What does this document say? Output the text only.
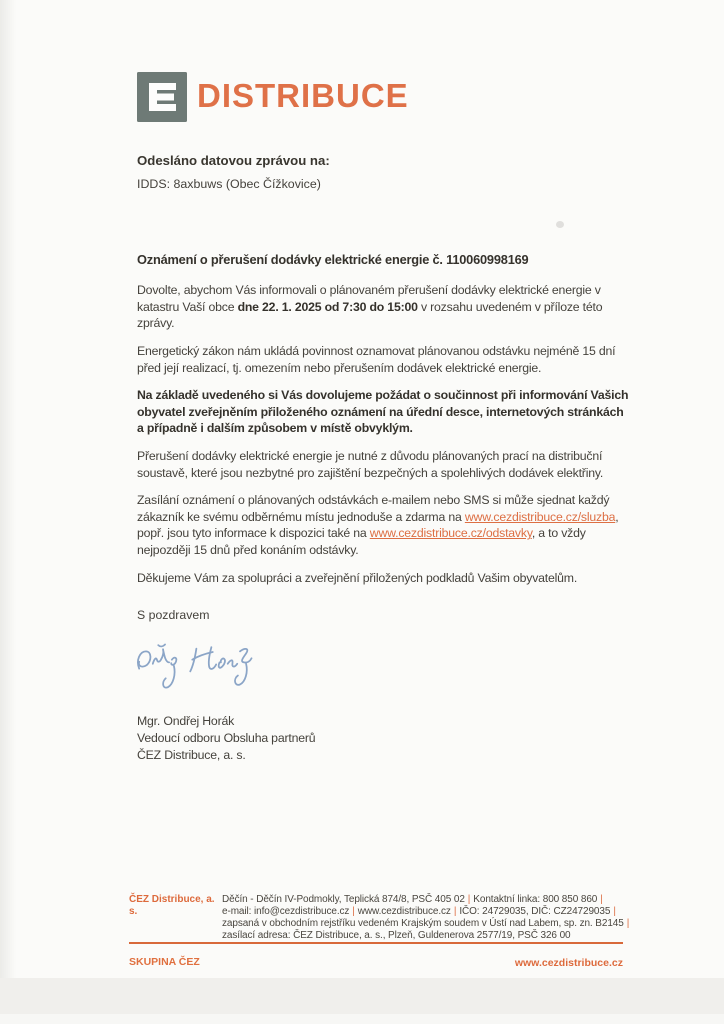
DISTRIBUCE
Odesláno datovou zprávou na:
IDDS: 8axbuws (Obec Čížkovice)
Oznámení o přerušení dodávky elektrické energie č. 110060998169

Dovolte, abychom Vás informovali o plánovaném přerušení dodávky elektrické energie v katastru Vaší obce dne 22. 1. 2025 od 7:30 do 15:00 v rozsahu uvedeném v příloze této zprávy.

Energetický zákon nám ukládá povinnost oznamovat plánovanou odstávku nejméně 15 dní před její realizací, tj. omezením nebo přerušením dodávek elektrické energie.

Na základě uvedeného si Vás dovolujeme požádat o součinnost při informování Vašich obyvatel zveřejněním přiloženého oznámení na úřední desce, internetových stránkách a případně i dalším způsobem v místě obvyklým.

Přerušení dodávky elektrické energie je nutné z důvodu plánovaných prací na distribuční soustavě, které jsou nezbytné pro zajištění bezpečných a spolehlivých dodávek elektřiny.

Zasílání oznámení o plánovaných odstávkách e-mailem nebo SMS si může sjednat každý zákazník ke svému odběrnému místu jednoduše a zdarma na www.cezdistribuce.cz/sluzba, popř. jsou tyto informace k dispozici také na www.cezdistribuce.cz/odstavky, a to vždy nejpozději 15 dnů před konáním odstávky.

Děkujeme Vám za spolupráci a zveřejnění přiložených podkladů Vašim obyvatelům.

S pozdravem
Mgr. Ondřej Horák
Vedoucí odboru Obsluha partnerů
ČEZ Distribuce, a. s.
ČEZ Distribuce, a. s.
Děčín - Děčín IV-Podmokly, Teplická 874/8, PSČ 405 02 | Kontaktní linka: 800 850 860 |
e-mail: info@cezdistribuce.cz | www.cezdistribuce.cz | IČO: 24729035, DIČ: CZ24729035 |
zapsaná v obchodním rejstříku vedeném Krajským soudem v Ústí nad Labem, sp. zn. B2145 |
zasílací adresa: ČEZ Distribuce, a. s., Plzeň, Guldenerova 2577/19, PSČ 326 00
SKUPINA ČEZ	www.cezdistribuce.cz
